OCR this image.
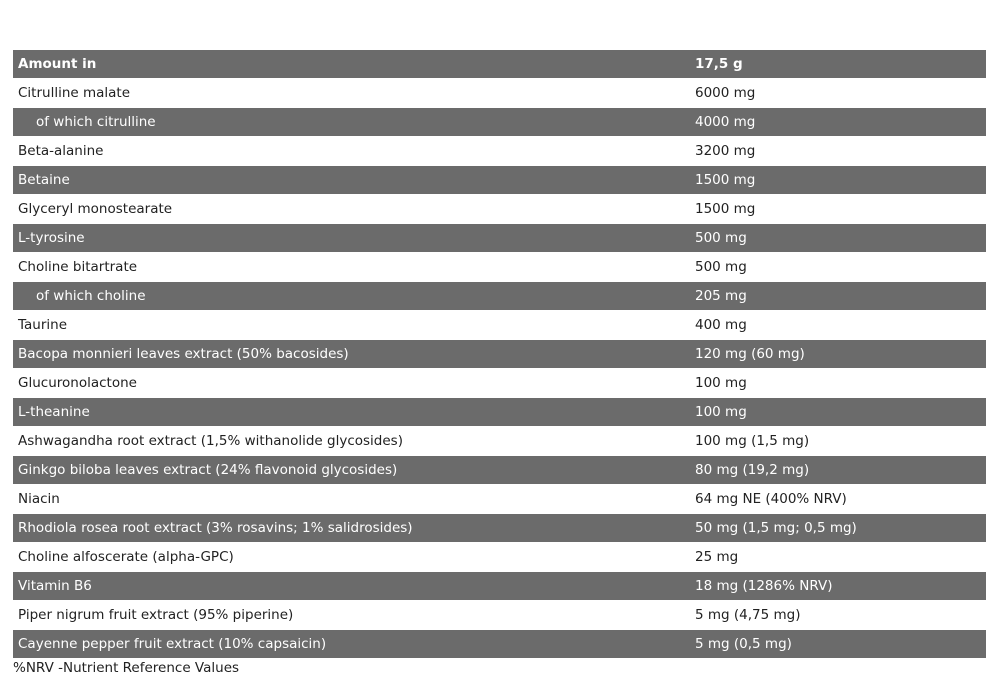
Amount in	17,5 g
Citrulline malate	6000 mg
of which citrulline	4000 mg
Beta-alanine	3200 mg
Betaine	1500 mg
Glyceryl monostearate	1500 mg
L-tyrosine	500 mg
Choline bitartrate	500 mg
of which choline	205 mg
Taurine	400 mg
Bacopa monnieri leaves extract (50% bacosides)	120 mg (60 mg)
Glucuronolactone	100 mg
L-theanine	100 mg
Ashwagandha root extract (1,5% withanolide glycosides)	100 mg (1,5 mg)
Ginkgo biloba leaves extract (24% flavonoid glycosides)	80 mg (19,2 mg)
Niacin	64 mg NE (400% NRV)
Rhodiola rosea root extract (3% rosavins; 1% salidrosides)	50 mg (1,5 mg; 0,5 mg)
Choline alfoscerate (alpha-GPC)	25 mg
Vitamin B6	18 mg (1286% NRV)
Piper nigrum fruit extract (95% piperine)	5 mg (4,75 mg)
Cayenne pepper fruit extract (10% capsaicin)	5 mg (0,5 mg)
%NRV -Nutrient Reference Values
